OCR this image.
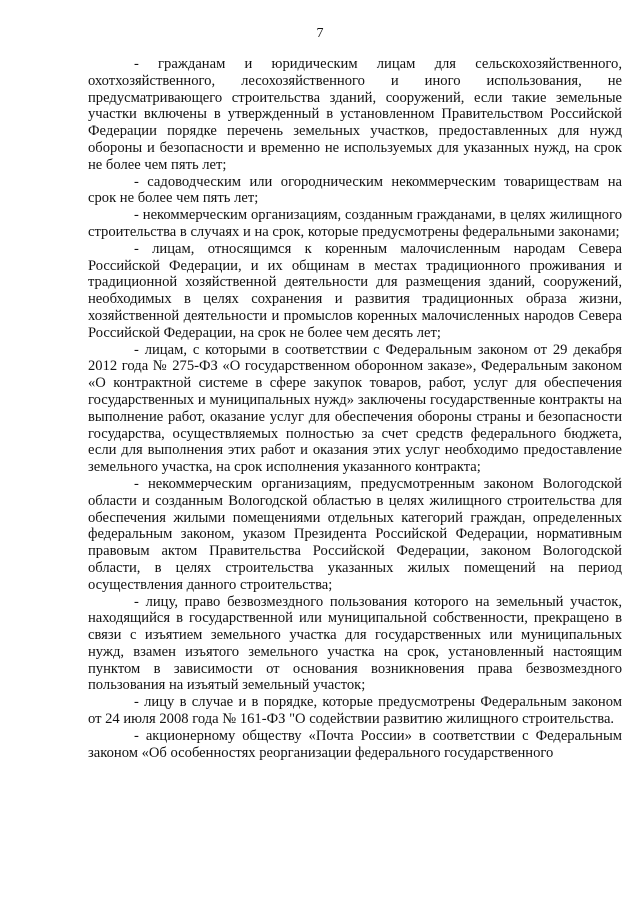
7

- гражданам и юридическим лицам для сельскохозяйственного, охотхозяйственного, лесохозяйственного и иного использования, не предусматривающего строительства зданий, сооружений, если такие земельные участки включены в утвержденный в установленном Правительством Российской Федерации порядке перечень земельных участков, предоставленных для нужд обороны и безопасности и временно не используемых для указанных нужд, на срок не более чем пять лет;

- садоводческим или огородническим некоммерческим товариществам на срок не более чем пять лет;

- некоммерческим организациям, созданным гражданами, в целях жилищного строительства в случаях и на срок, которые предусмотрены федеральными законами;

- лицам, относящимся к коренным малочисленным народам Севера Российской Федерации, и их общинам в местах традиционного проживания и традиционной хозяйственной деятельности для размещения зданий, сооружений, необходимых в целях сохранения и развития традиционных образа жизни, хозяйственной деятельности и промыслов коренных малочисленных народов Севера Российской Федерации, на срок не более чем десять лет;

- лицам, с которыми в соответствии с Федеральным законом от 29 декабря 2012 года № 275-ФЗ «О государственном оборонном заказе», Федеральным законом «О контрактной системе в сфере закупок товаров, работ, услуг для обеспечения государственных и муниципальных нужд» заключены государственные контракты на выполнение работ, оказание услуг для обеспечения обороны страны и безопасности государства, осуществляемых полностью за счет средств федерального бюджета, если для выполнения этих работ и оказания этих услуг необходимо предоставление земельного участка, на срок исполнения указанного контракта;

- некоммерческим организациям, предусмотренным законом Вологодской области и созданным Вологодской областью в целях жилищного строительства для обеспечения жилыми помещениями отдельных категорий граждан, определенных федеральным законом, указом Президента Российской Федерации, нормативным правовым актом Правительства Российской Федерации, законом Вологодской области, в целях строительства указанных жилых помещений на период осуществления данного строительства;

- лицу, право безвозмездного пользования которого на земельный участок, находящийся в государственной или муниципальной собственности, прекращено в связи с изъятием земельного участка для государственных или муниципальных нужд, взамен изъятого земельного участка на срок, установленный настоящим пунктом в зависимости от основания возникновения права безвозмездного пользования на изъятый земельный участок;

- лицу в случае и в порядке, которые предусмотрены Федеральным законом от 24 июля 2008 года № 161-ФЗ "О содействии развитию жилищного строительства.

- акционерному обществу «Почта России» в соответствии с Федеральным законом «Об особенностях реорганизации федерального государственного
